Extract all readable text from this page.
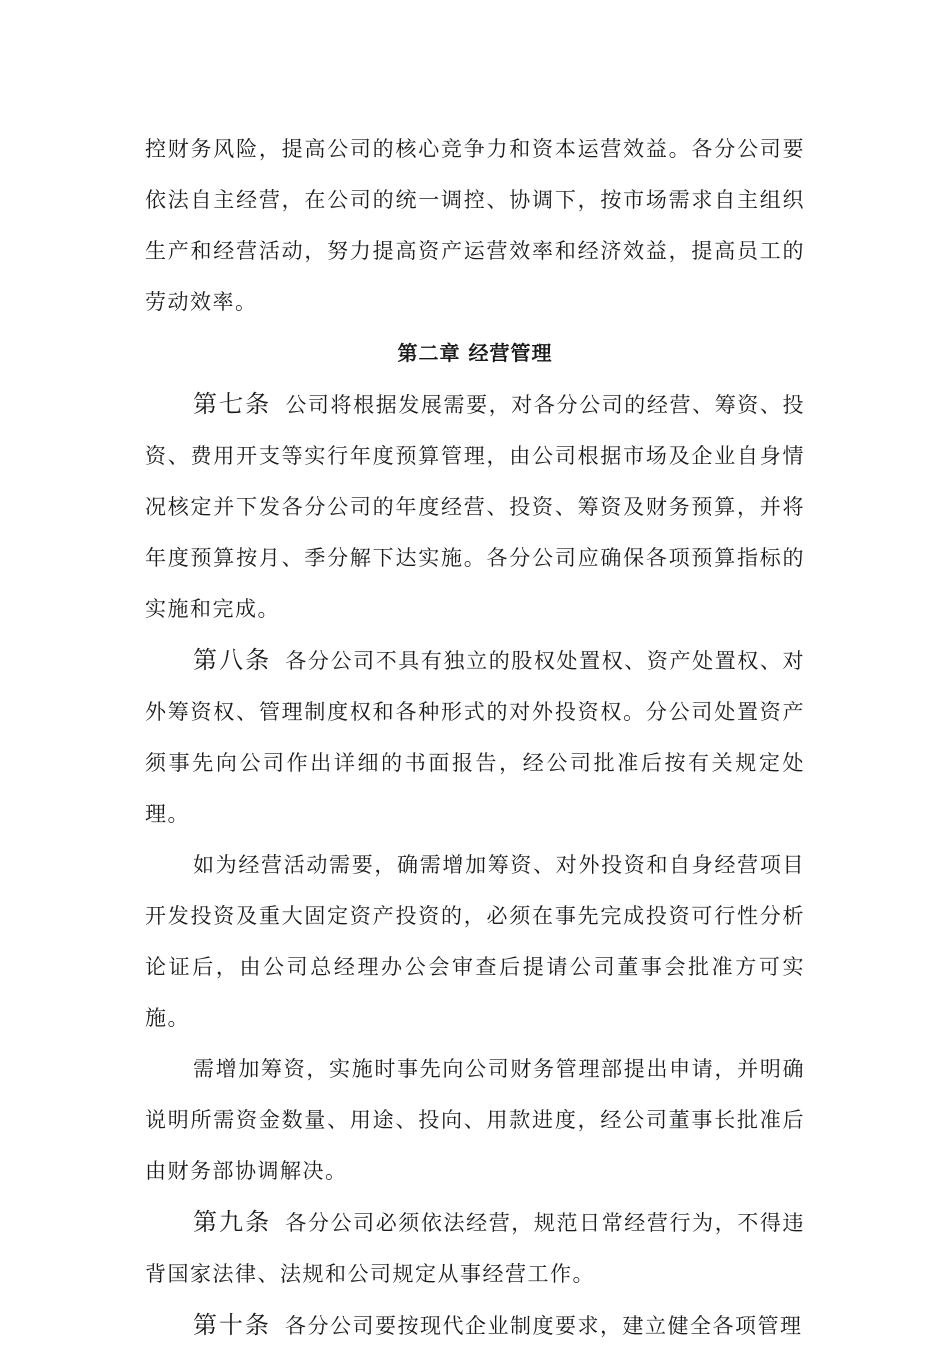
控财务风险，提高公司的核心竞争力和资本运营效益。各分公司要依法自主经营，在公司的统一调控、协调下，按市场需求自主组织生产和经营活动，努力提高资产运营效率和经济效益，提高员工的劳动效率。

第二章 经营管理

第七条 公司将根据发展需要，对各分公司的经营、筹资、投资、费用开支等实行年度预算管理，由公司根据市场及企业自身情况核定并下发各分公司的年度经营、投资、筹资及财务预算，并将年度预算按月、季分解下达实施。各分公司应确保各项预算指标的实施和完成。

第八条 各分公司不具有独立的股权处置权、资产处置权、对外筹资权、管理制度权和各种形式的对外投资权。分公司处置资产须事先向公司作出详细的书面报告，经公司批准后按有关规定处理。

如为经营活动需要，确需增加筹资、对外投资和自身经营项目开发投资及重大固定资产投资的，必须在事先完成投资可行性分析论证后，由公司总经理办公会审查后提请公司董事会批准方可实施。

需增加筹资，实施时事先向公司财务管理部提出申请，并明确说明所需资金数量、用途、投向、用款进度，经公司董事长批准后由财务部协调解决。

第九条 各分公司必须依法经营，规范日常经营行为，不得违背国家法律、法规和公司规定从事经营工作。

第十条 各分公司要按现代企业制度要求，建立健全各项管理
